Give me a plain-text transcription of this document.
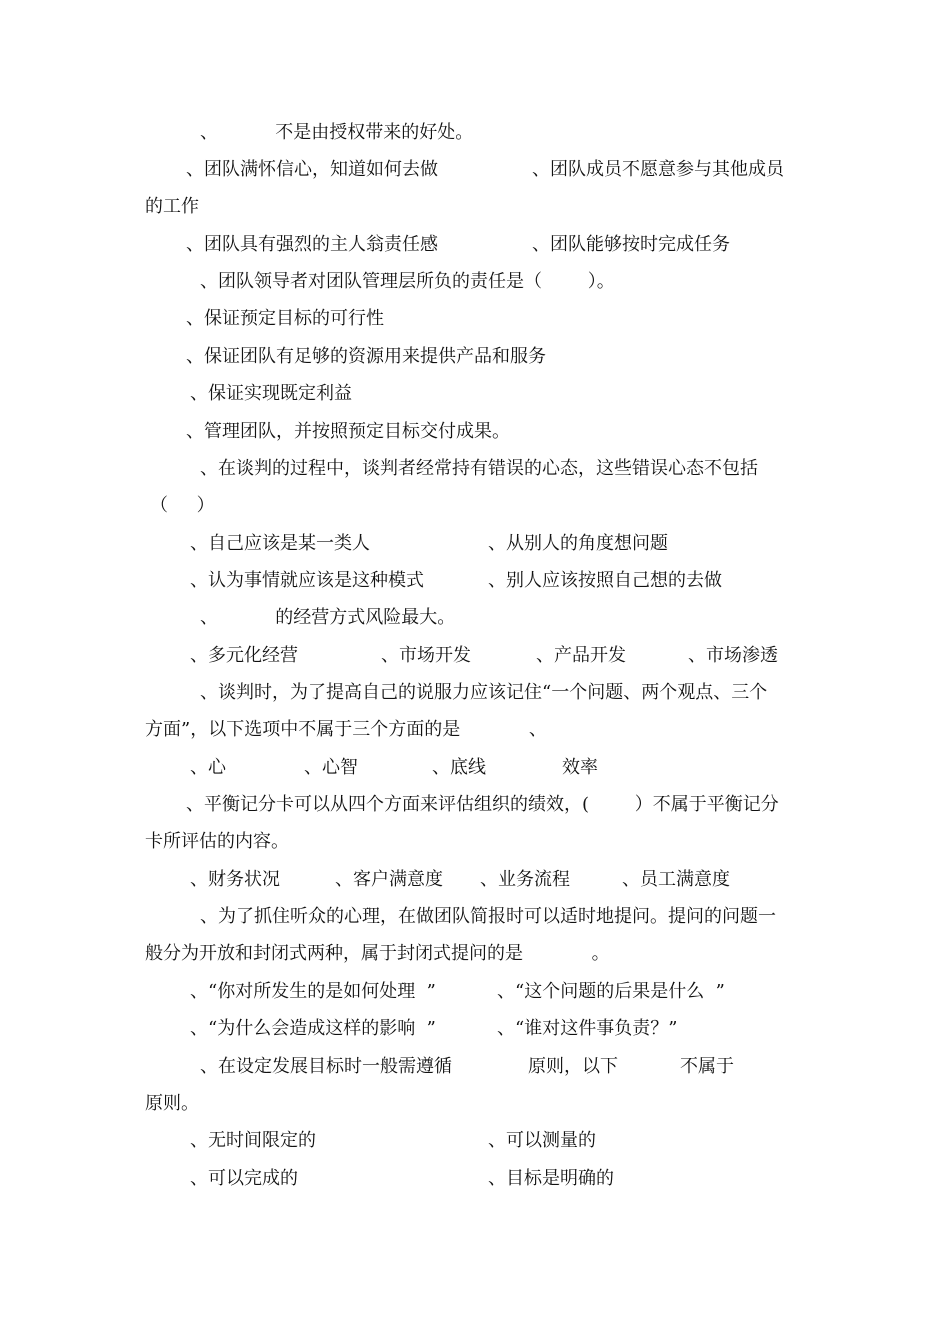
、          不是由授权带来的好处。
、团队满怀信心，知道如何去做	、团队成员不愿意参与其他成员
的工作
、团队具有强烈的主人翁责任感	、团队能够按时完成任务
、团队领导者对团队管理层所负的责任是（        ）。
、保证预定目标的可行性
、保证团队有足够的资源用来提供产品和服务
、保证实现既定利益
、管理团队，并按照预定目标交付成果。
、在谈判的过程中，谈判者经常持有错误的心态，这些错误心态不包括
（     ）
、自己应该是某一类人	、从别人的角度想问题
、认为事情就应该是这种模式	、别人应该按照自己想的去做
、          的经营方式风险最大。
、多元化经营	、市场开发	、产品开发	、市场渗透
、谈判时，为了提高自己的说服力应该记住“一个问题、两个观点、三个
方面”，以下选项中不属于三个方面的是            、
、心	、心智	、底线	效率
、平衡记分卡可以从四个方面来评估组织的绩效，(        ）不属于平衡记分
卡所评估的内容。
、财务状况	、客户满意度 、业务流程	、员工满意度
、为了抓住听众的心理，在做团队简报时可以适时地提问。提问的问题一
般分为开放和封闭式两种，属于封闭式提问的是            。
、“你对所发生的是如何处理  ”	、“这个问题的后果是什么  ”
、“为什么会造成这样的影响  ”	、“谁对这件事负责？”
、在设定发展目标时一般需遵循	原则，以下	不属于
原则。
、无时间限定的	、可以测量的
、可以完成的	、目标是明确的
